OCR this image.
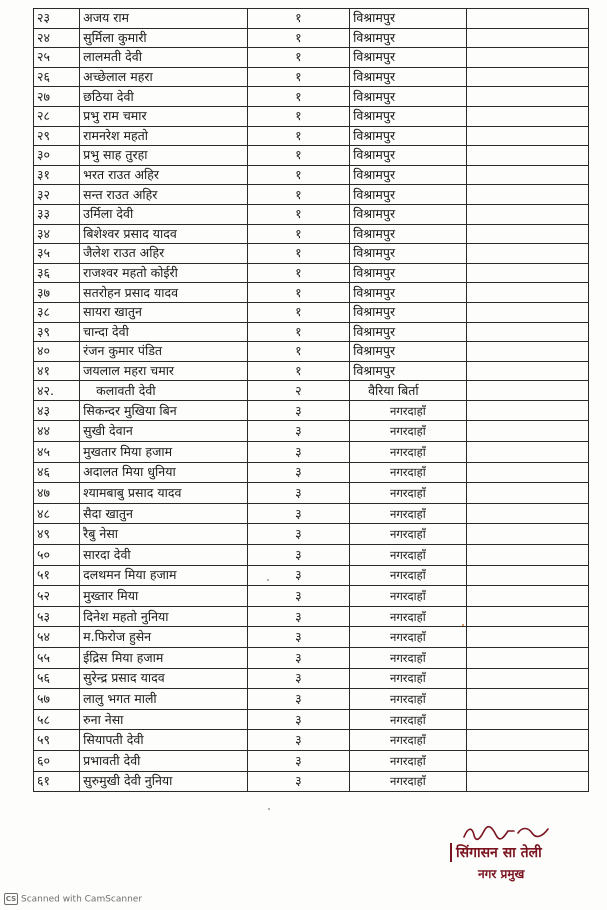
२३	अजय राम	१	विश्रामपुर	
२४	सुर्मिला कुमारी	१	विश्रामपुर	
२५	लालमती देवी	१	विश्रामपुर	
२६	अच्छेलाल महरा	१	विश्रामपुर	
२७	छठिया देवी	१	विश्रामपुर	
२८	प्रभु राम चमार	१	विश्रामपुर	
२९	रामनरेश महतो	१	विश्रामपुर	
३०	प्रभु साह तुरहा	१	विश्रामपुर	
३१	भरत राउत अहिर	१	विश्रामपुर	
३२	सन्त राउत अहिर	१	विश्रामपुर	
३३	उर्मिला देवी	१	विश्रामपुर	
३४	बिशेश्वर प्रसाद यादव	१	विश्रामपुर	
३५	जैलेश राउत अहिर	१	विश्रामपुर	
३६	राजश्वर महतो कोईरी	१	विश्रामपुर	
३७	सतरोहन प्रसाद यादव	१	विश्रामपुर	
३८	सायरा खातुन	१	विश्रामपुर	
३९	चान्दा देवी	१	विश्रामपुर	
४०	रंजन कुमार पंडित	१	विश्रामपुर	
४१	जयलाल महरा चमार	१	विश्रामपुर	
४२.	कलावती देवी	२	वैरिया बिर्ता	
४३	सिकन्दर मुखिया बिन	३	नगरदाहाँ	
४४	सुखी देवान	३	नगरदाहाँ	
४५	मुखतार मिया हजाम	३	नगरदाहाँ	
४६	अदालत मिया धुनिया	३	नगरदाहाँ	
४७	श्यामबाबु प्रसाद यादव	३	नगरदाहाँ	
४८	सैदा खातुन	३	नगरदाहाँ	
४९	रैबु नेसा	३	नगरदाहाँ	
५०	सारदा देवी	३	नगरदाहाँ	
५१	दलथमन मिया हजाम	३	नगरदाहाँ	
५२	मुख्तार मिया	३	नगरदाहाँ	
५३	दिनेश महतो नुनिया	३	नगरदाहाँ	
५४	म.फिरोज हुसेन	३	नगरदाहाँ	
५५	ईद्रिस मिया हजाम	३	नगरदाहाँ	
५६	सुरेन्द्र प्रसाद यादव	३	नगरदाहाँ	
५७	लालु भगत माली	३	नगरदाहाँ	
५८	रुना नेसा	३	नगरदाहाँ	
५९	सियापती देवी	३	नगरदाहाँ	
६०	प्रभावती देवी	३	नगरदाहाँ	
६१	सुरुमुखी देवी नुनिया	३	नगरदाहाँ	
सिंगासन सा तेली
नगर प्रमुख
CS Scanned with CamScanner
